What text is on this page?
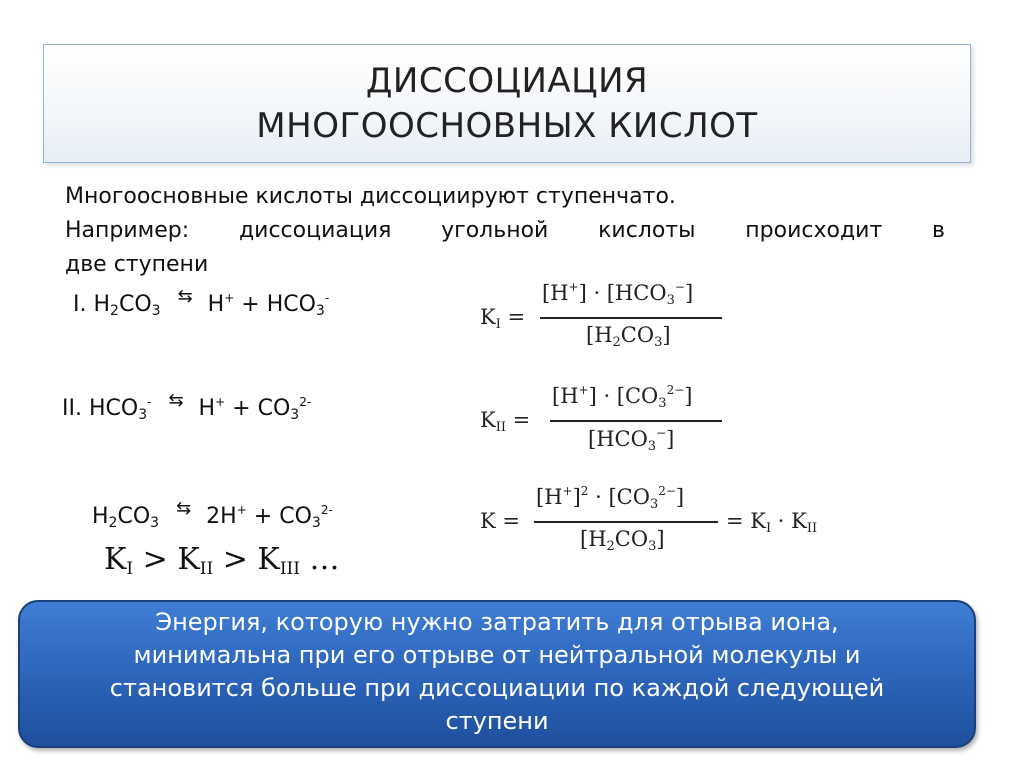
ДИССОЦИАЦИЯ
МНОГООСНОВНЫХ КИСЛОТ
Многоосновные кислоты диссоциируют ступенчато.
Например: диссоциация угольной кислоты происходит в
две ступени
I. $H_2CO_3$ ⇆ $H^+ + HCO_3^-$
II. $HCO_3^-$ ⇆ $H^+ + CO_3^{2-}$
$H_2CO_3$ ⇆ $2H^+ + CO_3^{2-}$
$K_I$ =
$[H^+] \cdot [HCO_3^-]$
$[H_2CO_3]$
$K_{II}$ =
$[H^+] \cdot [CO_3^{2-}]$
$[HCO_3^-]$
K =
$[H^+]^2 \cdot [CO_3^{2-}]$
$[H_2CO_3]$
= $K_I \cdot K_{II}$
$K_I > K_{II} > K_{III}$ …
Энергия, которую нужно затратить для отрыва иона,
минимальна при его отрыве от нейтральной молекулы и
становится больше при диссоциации по каждой следующей
ступени
